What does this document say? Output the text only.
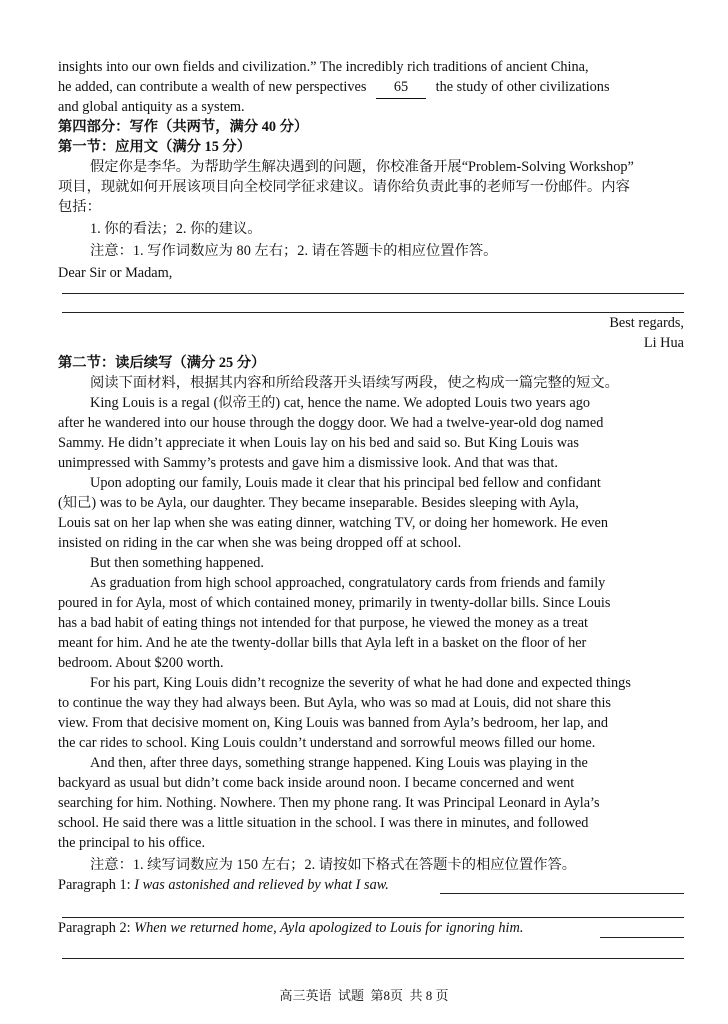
insights into our own fields and civilization.” The incredibly rich traditions of ancient China,
he added, can contribute a wealth of new perspectives 65 the study of other civilizations
and global antiquity as a system.
第四部分：写作（共两节，满分 40 分）
第一节：应用文（满分 15 分）
假定你是李华。为帮助学生解决遇到的问题，你校准备开展“Problem-Solving Workshop”
项目，现就如何开展该项目向全校同学征求建议。请你给负责此事的老师写一份邮件。内容
包括：
1. 你的看法；2. 你的建议。
注意：1. 写作词数应为 80 左右；2. 请在答题卡的相应位置作答。
Dear Sir or Madam,
Best regards,
Li Hua
第二节：读后续写（满分 25 分）
阅读下面材料，根据其内容和所给段落开头语续写两段，使之构成一篇完整的短文。
King Louis is a regal (似帝王的) cat, hence the name. We adopted Louis two years ago
after he wandered into our house through the doggy door. We had a twelve-year-old dog named
Sammy. He didn’t appreciate it when Louis lay on his bed and said so. But King Louis was
unimpressed with Sammy’s protests and gave him a dismissive look. And that was that.
Upon adopting our family, Louis made it clear that his principal bed fellow and confidant
(知己) was to be Ayla, our daughter. They became inseparable. Besides sleeping with Ayla,
Louis sat on her lap when she was eating dinner, watching TV, or doing her homework. He even
insisted on riding in the car when she was being dropped off at school.
But then something happened.
As graduation from high school approached, congratulatory cards from friends and family
poured in for Ayla, most of which contained money, primarily in twenty-dollar bills. Since Louis
has a bad habit of eating things not intended for that purpose, he viewed the money as a treat
meant for him. And he ate the twenty-dollar bills that Ayla left in a basket on the floor of her
bedroom. About $200 worth.
For his part, King Louis didn’t recognize the severity of what he had done and expected things
to continue the way they had always been. But Ayla, who was so mad at Louis, did not share this
view. From that decisive moment on, King Louis was banned from Ayla’s bedroom, her lap, and
the car rides to school. King Louis couldn’t understand and sorrowful meows filled our home.
And then, after three days, something strange happened. King Louis was playing in the
backyard as usual but didn’t come back inside around noon. I became concerned and went
searching for him. Nothing. Nowhere. Then my phone rang. It was Principal Leonard in Ayla’s
school. He said there was a little situation in the school. I was there in minutes, and followed
the principal to his office.
注意：1. 续写词数应为 150 左右；2. 请按如下格式在答题卡的相应位置作答。
Paragraph 1: I was astonished and relieved by what I saw.
Paragraph 2: When we returned home, Ayla apologized to Louis for ignoring him.
高三英语  试题  第8页  共 8 页
